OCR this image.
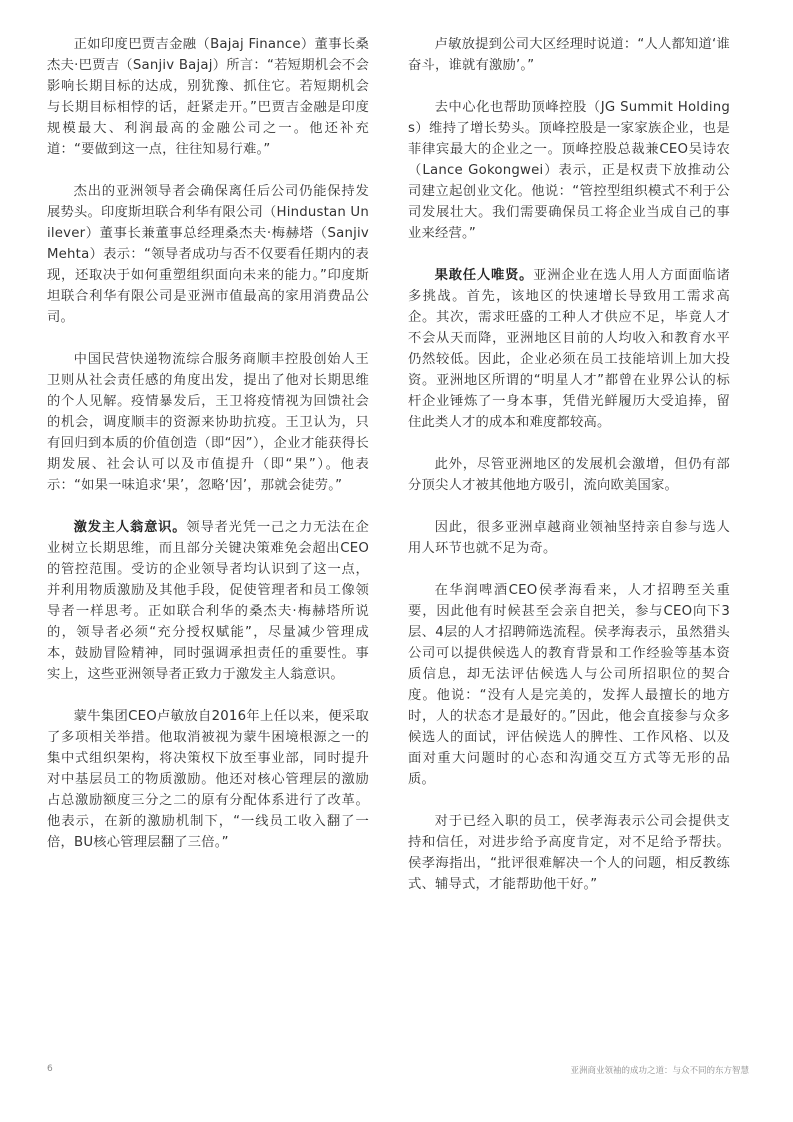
正如印度巴贾吉金融（Bajaj Finance）董事长桑杰夫·巴贾吉（Sanjiv Bajaj）所言：“若短期机会不会影响长期目标的达成，别犹豫、抓住它。若短期机会与长期目标相悖的话，赶紧走开。”巴贾吉金融是印度规模最大、利润最高的金融公司之一。他还补充道：“要做到这一点，往往知易行难。”

杰出的亚洲领导者会确保离任后公司仍能保持发展势头。印度斯坦联合利华有限公司（Hindustan Unilever）董事长兼董事总经理桑杰夫·梅赫塔（Sanjiv Mehta）表示：“领导者成功与否不仅要看任期内的表现，还取决于如何重塑组织面向未来的能力。”印度斯坦联合利华有限公司是亚洲市值最高的家用消费品公司。

中国民营快递物流综合服务商顺丰控股创始人王卫则从社会责任感的角度出发，提出了他对长期思维的个人见解。疫情暴发后，王卫将疫情视为回馈社会的机会，调度顺丰的资源来协助抗疫。王卫认为，只有回归到本质的价值创造（即“因”），企业才能获得长期发展、社会认可以及市值提升（即“果”）。他表示：“如果一味追求‘果’，忽略‘因’，那就会徒劳。”

激发主人翁意识。领导者光凭一己之力无法在企业树立长期思维，而且部分关键决策难免会超出CEO的管控范围。受访的企业领导者均认识到了这一点，并利用物质激励及其他手段，促使管理者和员工像领导者一样思考。正如联合利华的桑杰夫·梅赫塔所说的，领导者必须“充分授权赋能”，尽量减少管理成本，鼓励冒险精神，同时强调承担责任的重要性。事实上，这些亚洲领导者正致力于激发主人翁意识。

蒙牛集团CEO卢敏放自2016年上任以来，便采取了多项相关举措。他取消被视为蒙牛困境根源之一的集中式组织架构，将决策权下放至事业部，同时提升对中基层员工的物质激励。他还对核心管理层的激励占总激励额度三分之二的原有分配体系进行了改革。他表示，在新的激励机制下，“一线员工收入翻了一倍，BU核心管理层翻了三倍。”

卢敏放提到公司大区经理时说道：“人人都知道‘谁奋斗，谁就有激励’。”

去中心化也帮助顶峰控股（JG Summit Holdings）维持了增长势头。顶峰控股是一家家族企业，也是菲律宾最大的企业之一。顶峰控股总裁兼CEO吴诗农（Lance Gokongwei）表示，正是权责下放推动公司建立起创业文化。他说：“管控型组织模式不利于公司发展壮大。我们需要确保员工将企业当成自己的事业来经营。”

果敢任人唯贤。亚洲企业在选人用人方面面临诸多挑战。首先，该地区的快速增长导致用工需求高企。其次，需求旺盛的工种人才供应不足，毕竟人才不会从天而降，亚洲地区目前的人均收入和教育水平仍然较低。因此，企业必须在员工技能培训上加大投资。亚洲地区所谓的“明星人才”都曾在业界公认的标杆企业锤炼了一身本事，凭借光鲜履历大受追捧，留住此类人才的成本和难度都较高。

此外，尽管亚洲地区的发展机会激增，但仍有部分顶尖人才被其他地方吸引，流向欧美国家。

因此，很多亚洲卓越商业领袖坚持亲自参与选人用人环节也就不足为奇。

在华润啤酒CEO侯孝海看来，人才招聘至关重要，因此他有时候甚至会亲自把关，参与CEO向下3层、4层的人才招聘筛选流程。侯孝海表示，虽然猎头公司可以提供候选人的教育背景和工作经验等基本资质信息，却无法评估候选人与公司所招职位的契合度。他说：“没有人是完美的，发挥人最擅长的地方时，人的状态才是最好的。”因此，他会直接参与众多候选人的面试，评估候选人的脾性、工作风格、以及面对重大问题时的心态和沟通交互方式等无形的品质。

对于已经入职的员工，侯孝海表示公司会提供支持和信任，对进步给予高度肯定，对不足给予帮扶。侯孝海指出，“批评很难解决一个人的问题，相反教练式、辅导式，才能帮助他干好。”

6	亚洲商业领袖的成功之道：与众不同的东方智慧
